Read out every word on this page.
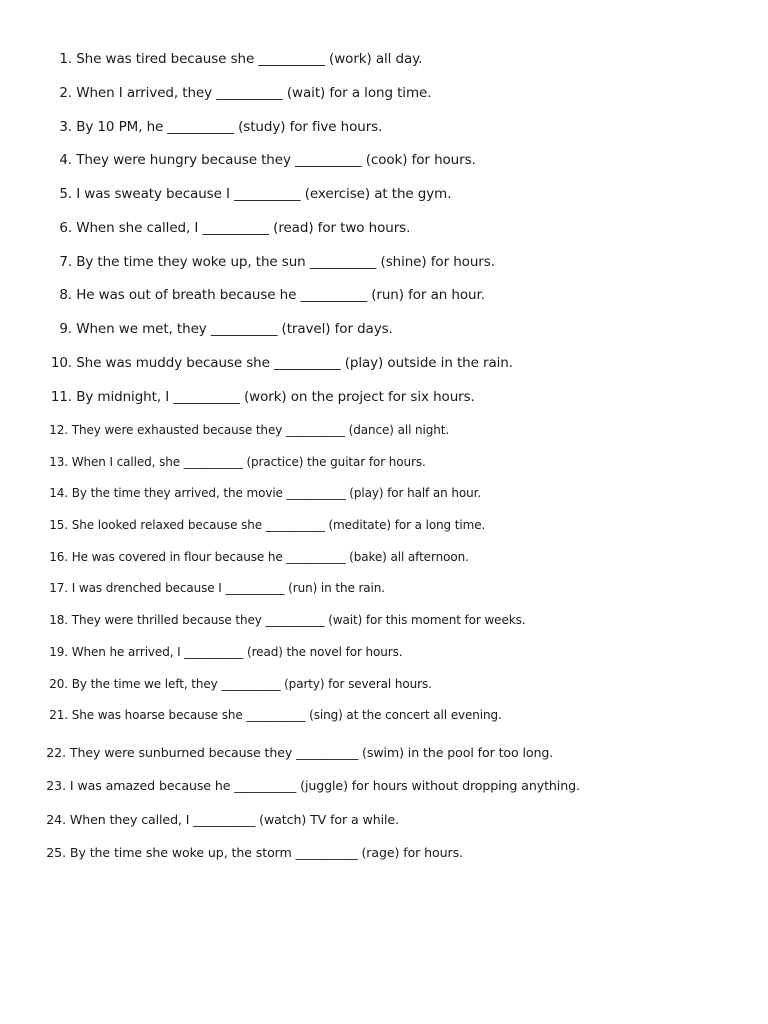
1. She was tired because she __________ (work) all day.
2. When I arrived, they __________ (wait) for a long time.
3. By 10 PM, he __________ (study) for five hours.
4. They were hungry because they __________ (cook) for hours.
5. I was sweaty because I __________ (exercise) at the gym.
6. When she called, I __________ (read) for two hours.
7. By the time they woke up, the sun __________ (shine) for hours.
8. He was out of breath because he __________ (run) for an hour.
9. When we met, they __________ (travel) for days.
10. She was muddy because she __________ (play) outside in the rain.
11. By midnight, I __________ (work) on the project for six hours.
12. They were exhausted because they __________ (dance) all night.
13. When I called, she __________ (practice) the guitar for hours.
14. By the time they arrived, the movie __________ (play) for half an hour.
15. She looked relaxed because she __________ (meditate) for a long time.
16. He was covered in flour because he __________ (bake) all afternoon.
17. I was drenched because I __________ (run) in the rain.
18. They were thrilled because they __________ (wait) for this moment for weeks.
19. When he arrived, I __________ (read) the novel for hours.
20. By the time we left, they __________ (party) for several hours.
21. She was hoarse because she __________ (sing) at the concert all evening.
22. They were sunburned because they __________ (swim) in the pool for too long.
23. I was amazed because he __________ (juggle) for hours without dropping anything.
24. When they called, I __________ (watch) TV for a while.
25. By the time she woke up, the storm __________ (rage) for hours.
